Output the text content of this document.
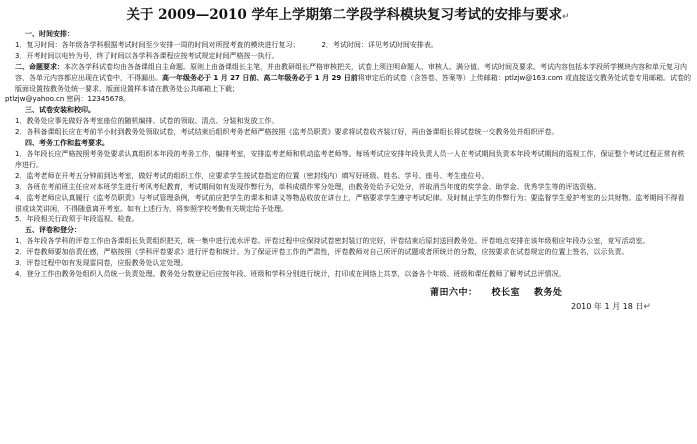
关于 2009—2010 学年上学期第二学段学科模块复习考试的安排与要求↵
一、时间安排：
1．复习时间：各年级各学科根据考试时间至少安排一周的时间对所授考查的模块进行复习；	2．考试时间：详见考试时间安排表。
3．开考时间以电铃为号，终了时间以各学科各课程应按考试规定时间严格按一执行。
二、命题要求：本次各学科试卷均由各备课组自主命题。原则上由备课组长主笔，并由教研组长严格审核把关，试卷上须注明命题人、审核人、满分值、考试时间及要求。考试内容包括本学段所学模块内容和单元复习内容，各单元内容都应出现在试卷中，不得漏出。高一年级务必于 1 月 27 日前、高二年级务必于 1 月 29 日前将审定后的试卷（含答卷、答案等）上传邮箱：ptlzjw@163.com 或直接送交教务处试卷专用邮箱。试卷的版面设置按教务处统一要求，版面设置样本请在教务处公共邮箱上下载；
ptlzjw@yahoo.cn 密码：12345678。
三、试卷安装和校印。
1．教务处应事先做好各考室座位的随机编排、试卷的领取、清点、分装和发放工作。
2．各科备课组长应在考前半小时到教务处领取试卷，考试结束后组织考务老师严格按照《监考员职责》要求将试卷收齐装订好，再由备课组长将试卷统一交教务处并组织评卷。
四、考务工作和监考要求。
1．各年段长应严格按照考务处要求认真组织本年段的考务工作，编排考室，安排监考老师和机动监考老师等。每场考试应安排年段负责人员一人在考试期间负责本年段考试期间的巡视工作，保证整个考试过程正常有秩序进行。
2．监考老师在开考五分钟前到达考室，做好考试的组织工作，应要求学生按试卷指定的位置（密封线内）填写好班级、姓名、学号、座号、考生座位号。
3．各班在考前班主任应对本班学生进行考风考纪教育，考试期间如有发现作弊行为，单科成绩作零分处理，由教务处给予记处分，并取消当年度的奖学金、助学金、优秀学生等的评选资格。
4．监考老师应认真履行《监考员职责》与考试管理条例，考试前应把学生的课本和讲义等物品收放在讲台上，严格要求学生遵守考试纪律。及时制止学生的作弊行为；要监督学生爱护考室的公共财物。监考期间不得看很或谈笑讲闲，不得随意离开考室。如有上述行为，将参照学校考勤有关规定给予处理。
5．年段相关行政须于年段巡视、检查。
五、评卷和登分：
1．各年段各学科的评卷工作由各课组长负责组织把关，统一集中进行流水评卷。评卷过程中应保持试卷密封装订的完好，评卷结束后原封送回教务处。评卷地点安排在该年级相应年段办公室，竞写活动室。
2．评卷教师要加倍责任感，严格按照《学科评卷要求》进行评卷和统计。为了保证评卷工作的严肃性，评卷教师对自己所评的试题或者所统计的分数，应按要求在试卷规定的位置上签名，以示负责。
3．评卷过程中如有发现雷同卷，应报教务处认定处理。
4．登分工作由教务处组织人员统一负责处理。教务处分数登记后应按年段、班级和学科分别进行统计，打印或在网络上共享，以备各个年级、班级和课任教师了解考试总评情况。
莆田六中： 校长室 教务处
2010 年 1 月 18 日↵
